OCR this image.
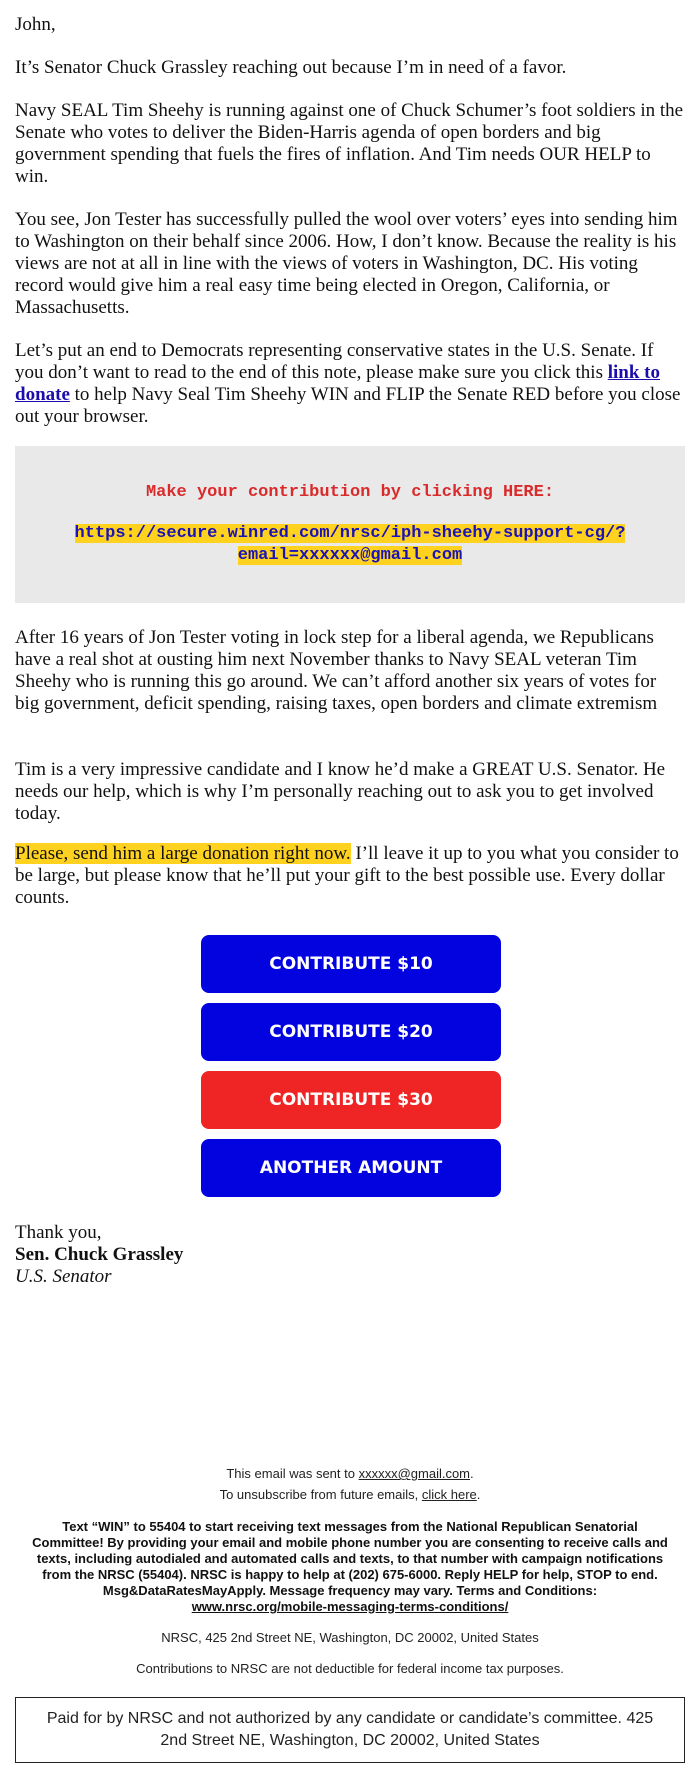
John,

It’s Senator Chuck Grassley reaching out because I’m in need of a favor.

Navy SEAL Tim Sheehy is running against one of Chuck Schumer’s foot soldiers in the Senate who votes to deliver the Biden-Harris agenda of open borders and big government spending that fuels the fires of inflation. And Tim needs OUR HELP to win.

You see, Jon Tester has successfully pulled the wool over voters’ eyes into sending him to Washington on their behalf since 2006. How, I don’t know. Because the reality is his views are not at all in line with the views of voters in Washington, DC. His voting record would give him a real easy time being elected in Oregon, California, or Massachusetts.

Let’s put an end to Democrats representing conservative states in the U.S. Senate. If you don’t want to read to the end of this note, please make sure you click this link to donate to help Navy Seal Tim Sheehy WIN and FLIP the Senate RED before you close out your browser.

Make your contribution by clicking HERE:
https://secure.winred.com/nrsc/iph-sheehy-support-cg/?email=xxxxxx@gmail.com

After 16 years of Jon Tester voting in lock step for a liberal agenda, we Republicans have a real shot at ousting him next November thanks to Navy SEAL veteran Tim Sheehy who is running this go around. We can’t afford another six years of votes for big government, deficit spending, raising taxes, open borders and climate extremism

Tim is a very impressive candidate and I know he’d make a GREAT U.S. Senator. He needs our help, which is why I’m personally reaching out to ask you to get involved today.

Please, send him a large donation right now. I’ll leave it up to you what you consider to be large, but please know that he’ll put your gift to the best possible use. Every dollar counts.

CONTRIBUTE $10
CONTRIBUTE $20
CONTRIBUTE $30
ANOTHER AMOUNT
Thank you,
Sen. Chuck Grassley
U.S. Senator
This email was sent to xxxxxx@gmail.com.
To unsubscribe from future emails, click here.
Text “WIN” to 55404 to start receiving text messages from the National Republican Senatorial Committee! By providing your email and mobile phone number you are consenting to receive calls and texts, including autodialed and automated calls and texts, to that number with campaign notifications from the NRSC (55404). NRSC is happy to help at (202) 675-6000. Reply HELP for help, STOP to end. Msg&DataRatesMayApply. Message frequency may vary. Terms and Conditions:
www.nrsc.org/mobile-messaging-terms-conditions/
NRSC, 425 2nd Street NE, Washington, DC 20002, United States
Contributions to NRSC are not deductible for federal income tax purposes.
Paid for by NRSC and not authorized by any candidate or candidate’s committee. 425 2nd Street NE, Washington, DC 20002, United States
